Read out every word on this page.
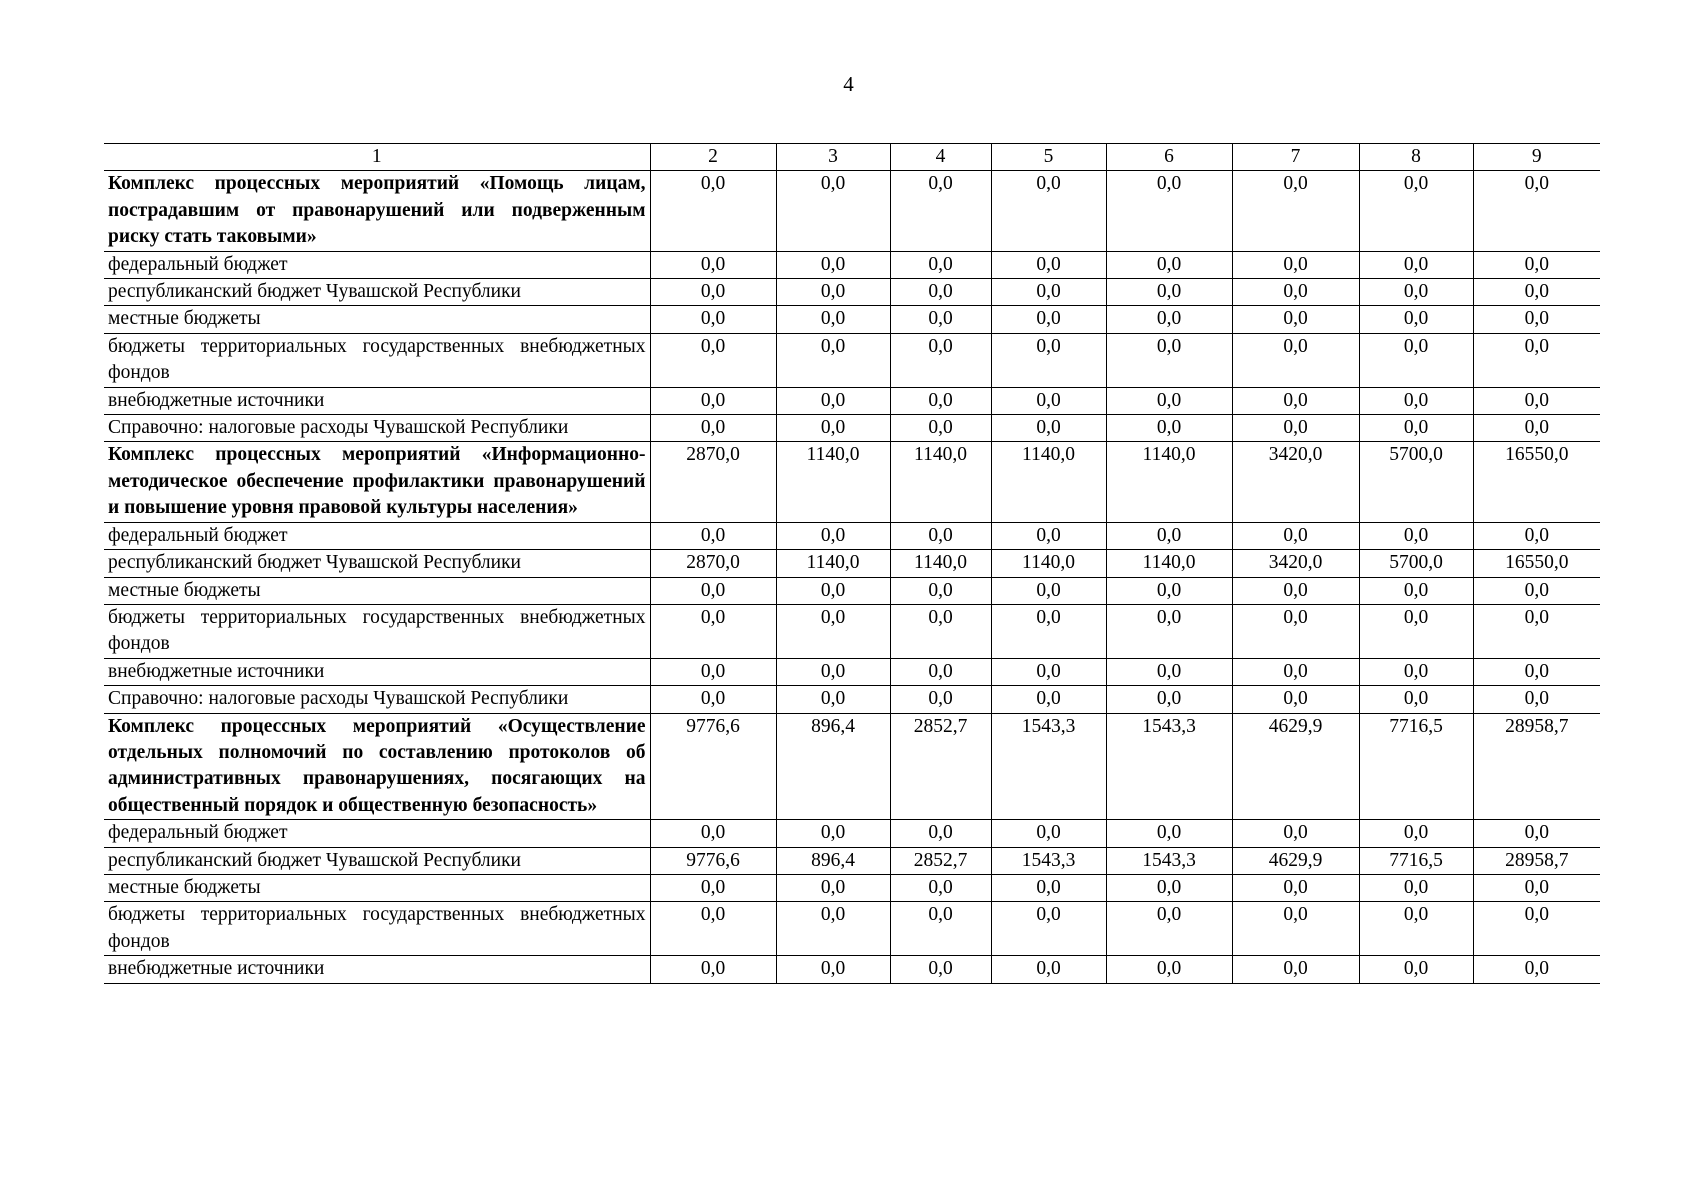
4
1	2	3	4	5	6	7	8	9
Комплекс процессных мероприятий «Помощь лицам, пострадавшим от правонарушений или подверженным риску стать таковыми»	0,0	0,0	0,0	0,0	0,0	0,0	0,0	0,0
федеральный бюджет	0,0	0,0	0,0	0,0	0,0	0,0	0,0	0,0
республиканский бюджет Чувашской Республики	0,0	0,0	0,0	0,0	0,0	0,0	0,0	0,0
местные бюджеты	0,0	0,0	0,0	0,0	0,0	0,0	0,0	0,0
бюджеты территориальных государственных внебюджетных фондов	0,0	0,0	0,0	0,0	0,0	0,0	0,0	0,0
внебюджетные источники	0,0	0,0	0,0	0,0	0,0	0,0	0,0	0,0
Справочно: налоговые расходы Чувашской Республики	0,0	0,0	0,0	0,0	0,0	0,0	0,0	0,0
Комплекс процессных мероприятий «Информационно-методическое обеспечение профилактики правонарушений и повышение уровня правовой культуры населения»	2870,0	1140,0	1140,0	1140,0	1140,0	3420,0	5700,0	16550,0
федеральный бюджет	0,0	0,0	0,0	0,0	0,0	0,0	0,0	0,0
республиканский бюджет Чувашской Республики	2870,0	1140,0	1140,0	1140,0	1140,0	3420,0	5700,0	16550,0
местные бюджеты	0,0	0,0	0,0	0,0	0,0	0,0	0,0	0,0
бюджеты территориальных государственных внебюджетных фондов	0,0	0,0	0,0	0,0	0,0	0,0	0,0	0,0
внебюджетные источники	0,0	0,0	0,0	0,0	0,0	0,0	0,0	0,0
Справочно: налоговые расходы Чувашской Республики	0,0	0,0	0,0	0,0	0,0	0,0	0,0	0,0
Комплекс процессных мероприятий «Осуществление отдельных полномочий по составлению протоколов об административных правонарушениях, посягающих на общественный порядок и общественную безопасность»	9776,6	896,4	2852,7	1543,3	1543,3	4629,9	7716,5	28958,7
федеральный бюджет	0,0	0,0	0,0	0,0	0,0	0,0	0,0	0,0
республиканский бюджет Чувашской Республики	9776,6	896,4	2852,7	1543,3	1543,3	4629,9	7716,5	28958,7
местные бюджеты	0,0	0,0	0,0	0,0	0,0	0,0	0,0	0,0
бюджеты территориальных государственных внебюджетных фондов	0,0	0,0	0,0	0,0	0,0	0,0	0,0	0,0
внебюджетные источники	0,0	0,0	0,0	0,0	0,0	0,0	0,0	0,0
